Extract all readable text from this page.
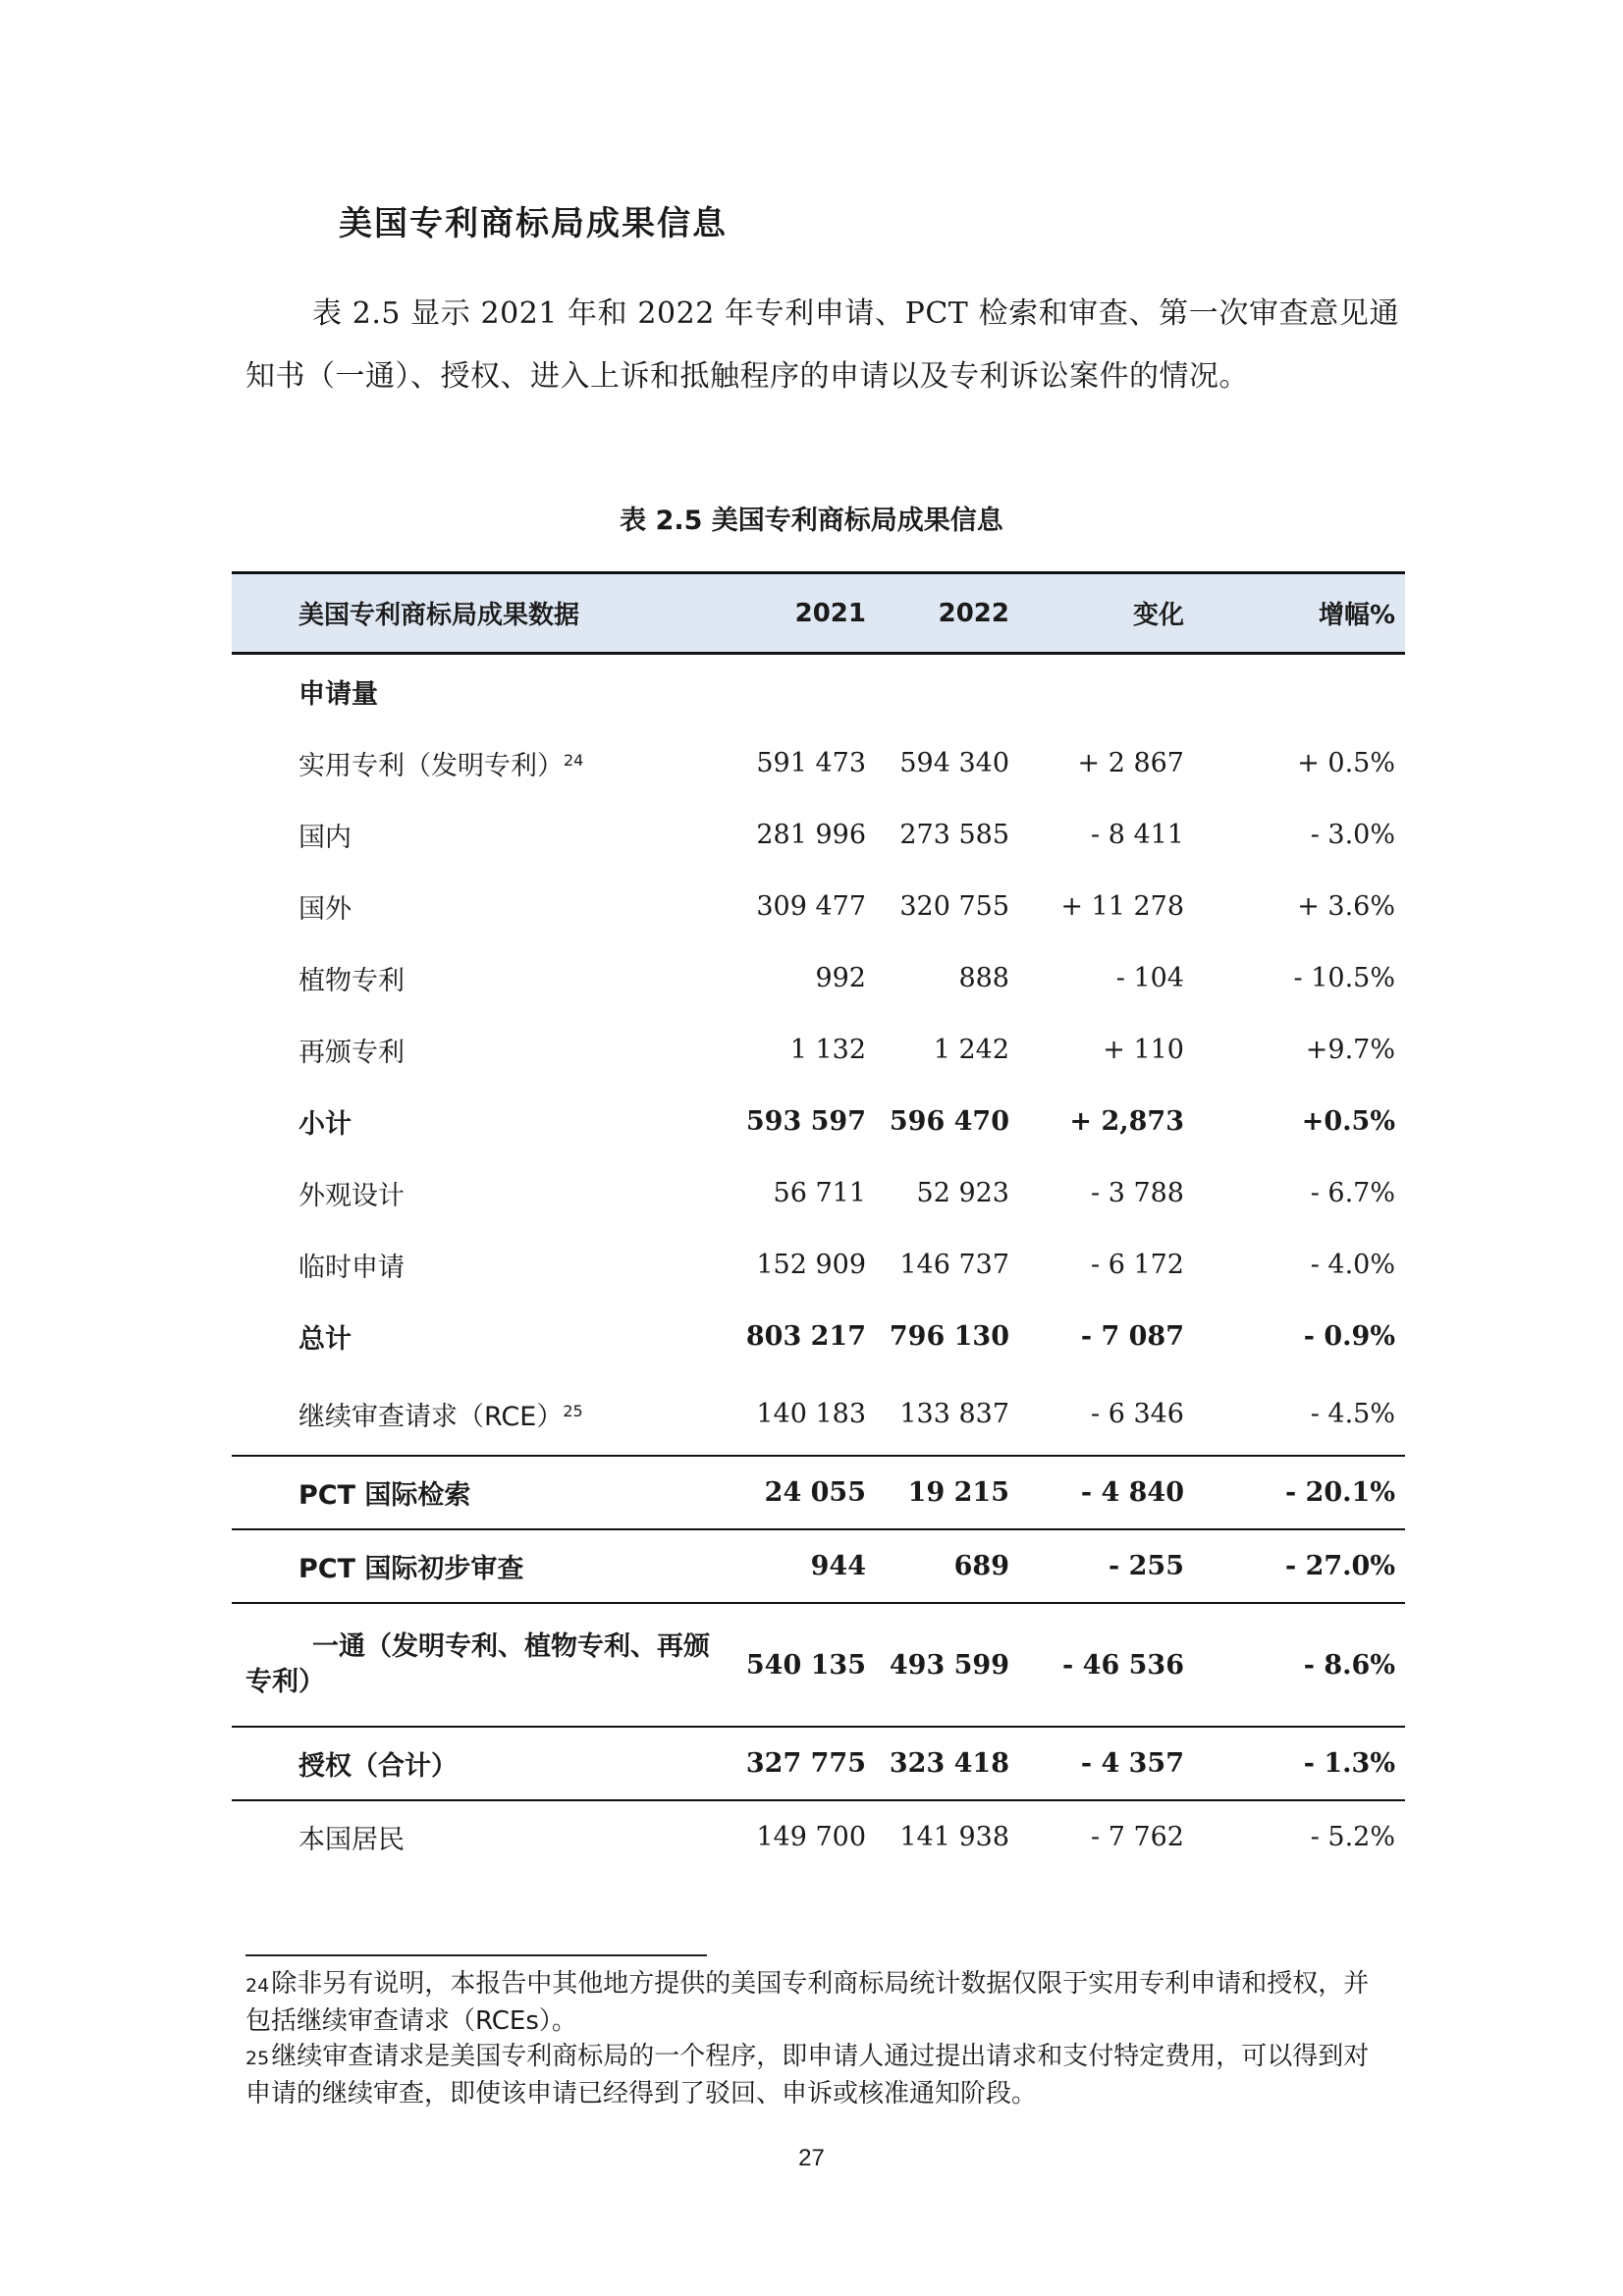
美国专利商标局成果信息

表 2.5 显示 2021 年和 2022 年专利申请、PCT 检索和审查、第一次审查意见通知书（一通）、授权、进入上诉和抵触程序的申请以及专利诉讼案件的情况。

表 2.5 美国专利商标局成果信息

美国专利商标局成果数据	2021	2022	变化	增幅%
申请量				
实用专利（发明专利）$^{24}$	591 473	594 340	+ 2 867	+ 0.5%
国内	281 996	273 585	- 8 411	- 3.0%
国外	309 477	320 755	+ 11 278	+ 3.6%
植物专利	992	888	- 104	- 10.5%
再颁专利	1 132	1 242	+ 110	+9.7%
小计	593 597	596 470	+ 2,873	+0.5%
外观设计	56 711	52 923	- 3 788	- 6.7%
临时申请	152 909	146 737	- 6 172	- 4.0%
总计	803 217	796 130	- 7 087	- 0.9%
继续审查请求（RCE）$^{25}$	140 183	133 837	- 6 346	- 4.5%
PCT 国际检索	24 055	19 215	- 4 840	- 20.1%
PCT 国际初步审查	944	689	- 255	- 27.0%
一通（发明专利、植物专利、再颁专利）	540 135	493 599	- 46 536	- 8.6%
授权（合计）	327 775	323 418	- 4 357	- 1.3%
本国居民	149 700	141 938	- 7 762	- 5.2%

24除非另有说明，本报告中其他地方提供的美国专利商标局统计数据仅限于实用专利申请和授权，并包括继续审查请求（RCEs）。

25继续审查请求是美国专利商标局的一个程序，即申请人通过提出请求和支付特定费用，可以得到对申请的继续审查，即使该申请已经得到了驳回、申诉或核准通知阶段。

27
